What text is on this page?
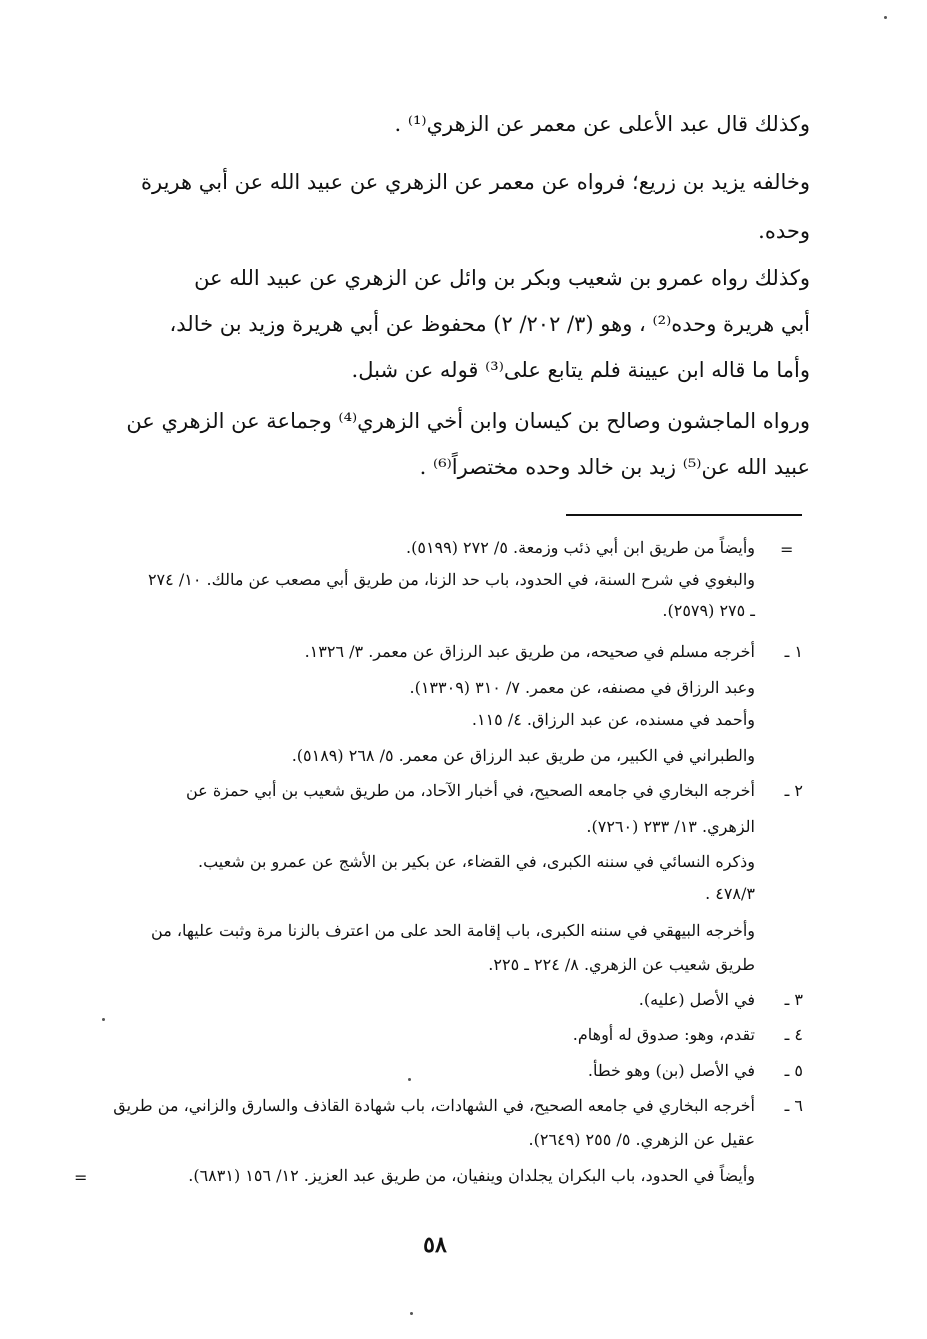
وكذلك قال عبد الأعلى عن معمر عن الزهري⁽¹⁾ .
وخالفه يزيد بن زريع؛ فرواه عن معمر عن الزهري عن عبيد الله عن أبي هريرة
وحده.
وكذلك رواه عمرو بن شعيب وبكر بن وائل عن الزهري عن عبيد الله عن
أبي هريرة وحده⁽²⁾ ، وهو (٣/ ٢٠٢/ ٢) محفوظ عن أبي هريرة وزيد بن خالد،
وأما ما قاله ابن عيينة فلم يتابع على⁽³⁾ قوله عن شبل.
ورواه الماجشون وصالح بن كيسان وابن أخي الزهري⁽⁴⁾ وجماعة عن الزهري عن
عبيد الله عن⁽⁵⁾ زيد بن خالد وحده مختصراً⁽⁶⁾ .
=
وأيضاً من طريق ابن أبي ذئب وزمعة. ٥/ ٢٧٢ (٥١٩٩).
والبغوي في شرح السنة، في الحدود، باب حد الزنا، من طريق أبي مصعب عن مالك. ١٠/ ٢٧٤
ـ ٢٧٥ (٢٥٧٩).
١ ـ
أخرجه مسلم في صحيحه، من طريق عبد الرزاق عن معمر. ٣/ ١٣٢٦.
وعبد الرزاق في مصنفه، عن معمر. ٧/ ٣١٠ (١٣٣٠٩).
وأحمد في مسنده، عن عبد الرزاق. ٤/ ١١٥.
والطبراني في الكبير، من طريق عبد الرزاق عن معمر. ٥/ ٢٦٨ (٥١٨٩).
٢ ـ
أخرجه البخاري في جامعه الصحيح، في أخبار الآحاد، من طريق شعيب بن أبي حمزة عن
الزهري. ١٣/ ٢٣٣ (٧٢٦٠).
وذكره النسائي في سننه الكبرى، في القضاء، عن بكير بن الأشج عن عمرو بن شعيب.
٤٧٨/٣ .
وأخرجه البيهقي في سننه الكبرى، باب إقامة الحد على من اعترف بالزنا مرة وثبت عليها، من
طريق شعيب عن الزهري. ٨/ ٢٢٤ ـ ٢٢٥.
٣ ـ
في الأصل (عليه).
٤ ـ
تقدم، وهو: صدوق له أوهام.
٥ ـ
في الأصل (بن) وهو خطأ.
٦ ـ
أخرجه البخاري في جامعه الصحيح، في الشهادات، باب شهادة القاذف والسارق والزاني، من طريق
عقيل عن الزهري. ٥/ ٢٥٥ (٢٦٤٩).
وأيضاً في الحدود، باب البكران يجلدان وينفيان، من طريق عبد العزيز. ١٢/ ١٥٦ (٦٨٣١).
=
٥٨
